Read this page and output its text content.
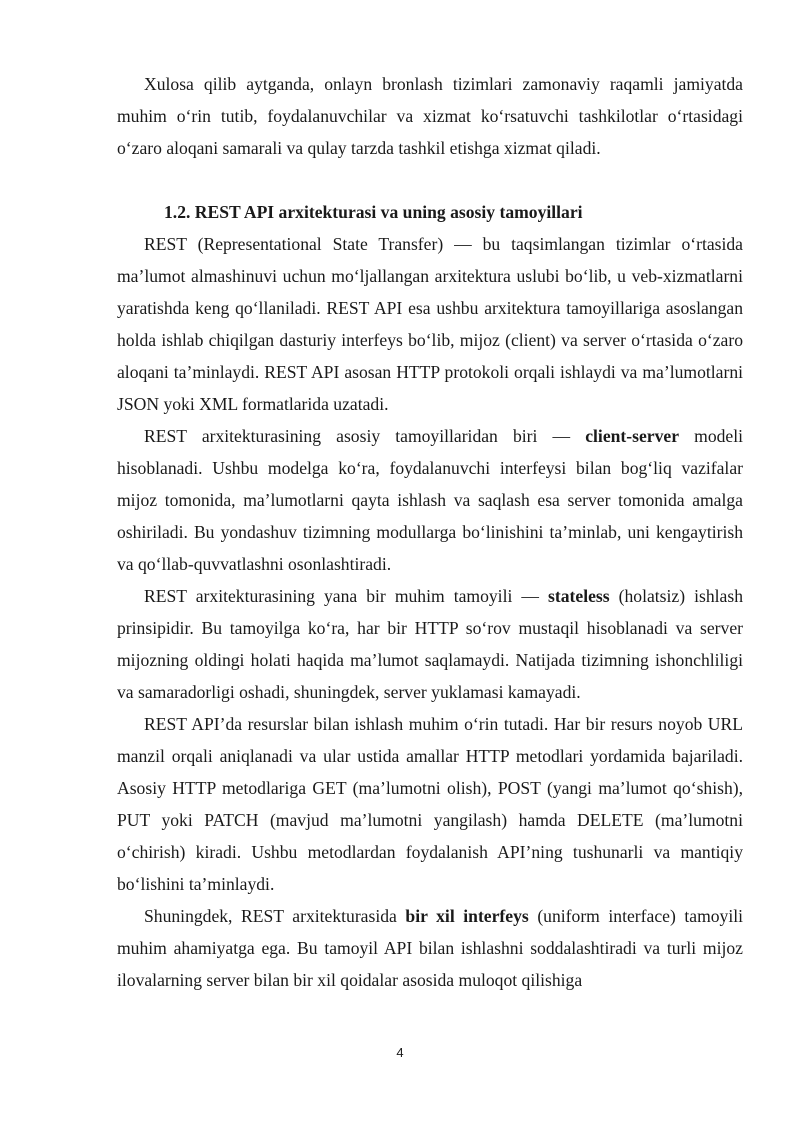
Xulosa qilib aytganda, onlayn bronlash tizimlari zamonaviy raqamli jamiyatda muhim oʻrin tutib, foydalanuvchilar va xizmat koʻrsatuvchi tashkilotlar oʻrtasidagi oʻzaro aloqani samarali va qulay tarzda tashkil etishga xizmat qiladi.

1.2. REST API arxitekturasi va uning asosiy tamoyillari

REST (Representational State Transfer) — bu taqsimlangan tizimlar oʻrtasida maʼlumot almashinuvi uchun moʻljallangan arxitektura uslubi boʻlib, u veb-xizmatlarni yaratishda keng qoʻllaniladi. REST API esa ushbu arxitektura tamoyillariga asoslangan holda ishlab chiqilgan dasturiy interfeys boʻlib, mijoz (client) va server oʻrtasida oʻzaro aloqani taʼminlaydi. REST API asosan HTTP protokoli orqali ishlaydi va maʼlumotlarni JSON yoki XML formatlarida uzatadi.

REST arxitekturasining asosiy tamoyillaridan biri — client-server modeli hisoblanadi. Ushbu modelga koʻra, foydalanuvchi interfeysi bilan bogʻliq vazifalar mijoz tomonida, maʼlumotlarni qayta ishlash va saqlash esa server tomonida amalga oshiriladi. Bu yondashuv tizimning modullarga boʻlinishini taʼminlab, uni kengaytirish va qoʻllab-quvvatlashni osonlashtiradi.

REST arxitekturasining yana bir muhim tamoyili — stateless (holatsiz) ishlash prinsipidir. Bu tamoyilga koʻra, har bir HTTP soʻrov mustaqil hisoblanadi va server mijozning oldingi holati haqida maʼlumot saqlamaydi. Natijada tizimning ishonchliligi va samaradorligi oshadi, shuningdek, server yuklamasi kamayadi.

REST APIʼda resurslar bilan ishlash muhim oʻrin tutadi. Har bir resurs noyob URL manzil orqali aniqlanadi va ular ustida amallar HTTP metodlari yordamida bajariladi. Asosiy HTTP metodlariga GET (maʼlumotni olish), POST (yangi maʼlumot qoʻshish), PUT yoki PATCH (mavjud maʼlumotni yangilash) hamda DELETE (maʼlumotni oʻchirish) kiradi. Ushbu metodlardan foydalanish APIʼning tushunarli va mantiqiy boʻlishini taʼminlaydi.

Shuningdek, REST arxitekturasida bir xil interfeys (uniform interface) tamoyili muhim ahamiyatga ega. Bu tamoyil API bilan ishlashni soddalashtiradi va turli mijoz ilovalarning server bilan bir xil qoidalar asosida muloqot qilishiga

4
